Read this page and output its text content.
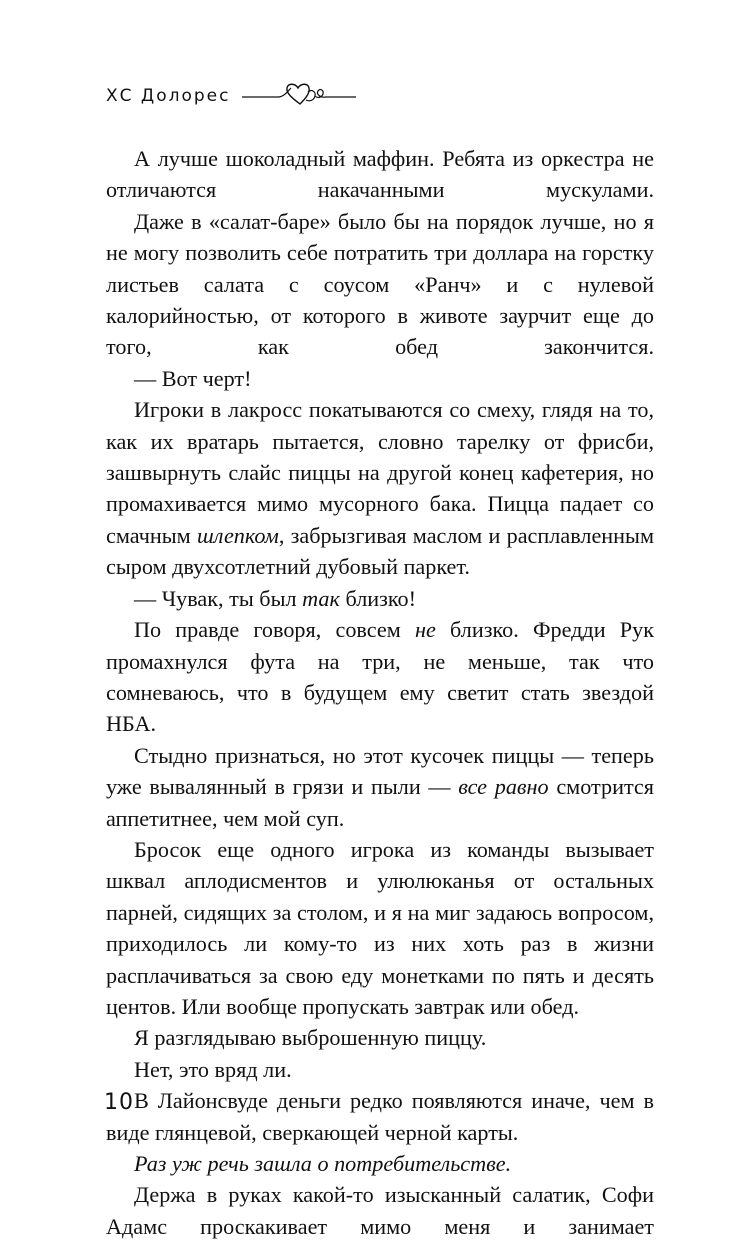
ХС Долорес

А лучше шоколадный маффин. Ребята из оркестра не отличаются накачанными мускулами.

Даже в «салат-баре» было бы на порядок лучше, но я не могу позволить себе потратить три доллара на горстку листьев салата с соусом «Ранч» и с нулевой калорийностью, от которого в животе заурчит еще до того, как обед закончится.

— Вот черт!

Игроки в лакросс покатываются со смеху, глядя на то, как их вратарь пытается, словно тарелку от фрисби, зашвырнуть слайс пиццы на другой конец кафетерия, но промахивается мимо мусорного бака. Пицца падает со смачным шлепком, забрызгивая маслом и расплавленным сыром двухсотлетний дубовый паркет.

— Чувак, ты был так близко!

По правде говоря, совсем не близко. Фредди Рук промахнулся фута на три, не меньше, так что сомневаюсь, что в будущем ему светит стать звездой НБА.

Стыдно признаться, но этот кусочек пиццы — теперь уже вывалянный в грязи и пыли — все равно смотрится аппетитнее, чем мой суп.

Бросок еще одного игрока из команды вызывает шквал аплодисментов и улюлюканья от остальных парней, сидящих за столом, и я на миг задаюсь вопросом, приходилось ли кому-то из них хоть раз в жизни расплачиваться за свою еду монетками по пять и десять центов. Или вообще пропускать завтрак или обед.

Я разглядываю выброшенную пиццу.

Нет, это вряд ли.

В Лайонсвуде деньги редко появляются иначе, чем в виде глянцевой, сверкающей черной карты.

Раз уж речь зашла о потребительстве.

Держа в руках какой-то изысканный салатик, Софи Адамс проскакивает мимо меня и занимает

10
